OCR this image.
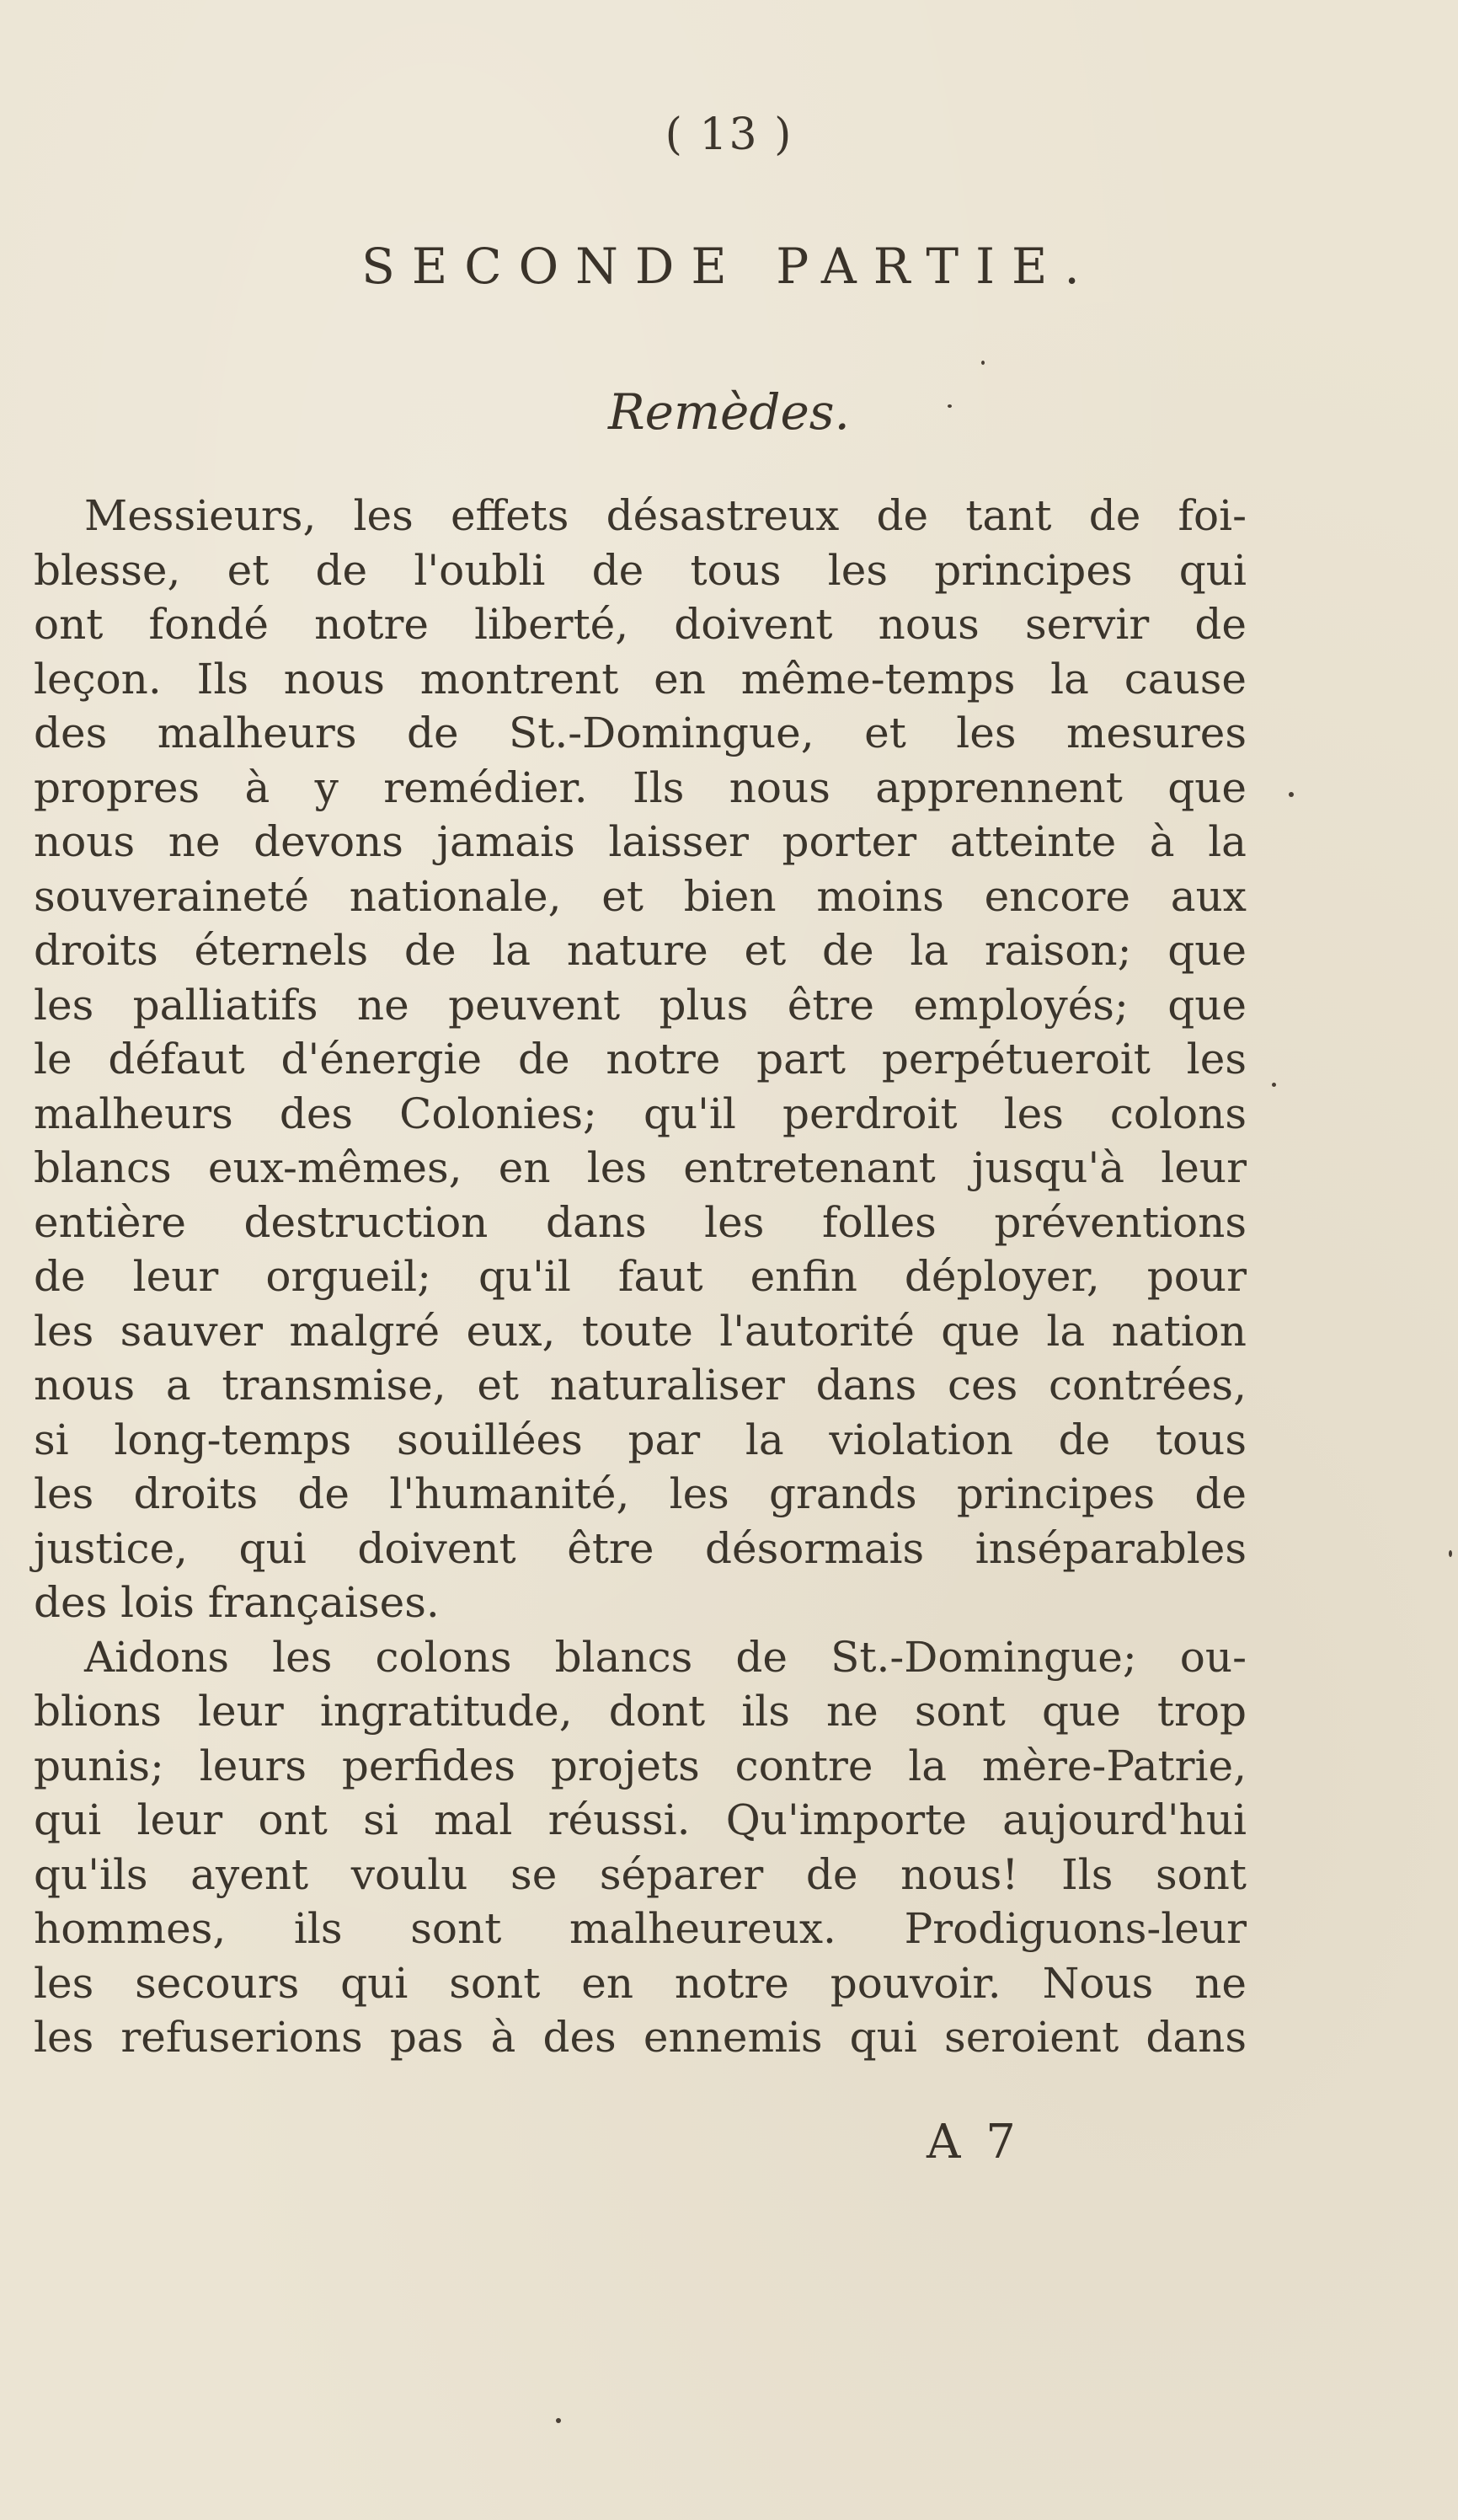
( 13 )
SECONDE PARTIE.
Remèdes.
Messieurs, les effets désastreux de tant de foi-
blesse, et de l'oubli de tous les principes qui
ont fondé notre liberté, doivent nous servir de
leçon. Ils nous montrent en même-temps la cause
des malheurs de St.-Domingue, et les mesures
propres à y remédier. Ils nous apprennent que
nous ne devons jamais laisser porter atteinte à la
souveraineté nationale, et bien moins encore aux
droits éternels de la nature et de la raison; que
les palliatifs ne peuvent plus être employés; que
le défaut d'énergie de notre part perpétueroit les
malheurs des Colonies; qu'il perdroit les colons
blancs eux-mêmes, en les entretenant jusqu'à leur
entière destruction dans les folles préventions
de leur orgueil; qu'il faut enfin déployer, pour
les sauver malgré eux, toute l'autorité que la nation
nous a transmise, et naturaliser dans ces contrées,
si long-temps souillées par la violation de tous
les droits de l'humanité, les grands principes de
justice, qui doivent être désormais inséparables
des lois françaises.
Aidons les colons blancs de St.-Domingue; ou-
blions leur ingratitude, dont ils ne sont que trop
punis; leurs perfides projets contre la mère-Patrie,
qui leur ont si mal réussi. Qu'importe aujourd'hui
qu'ils ayent voulu se séparer de nous! Ils sont
hommes, ils sont malheureux. Prodiguons-leur
les secours qui sont en notre pouvoir. Nous ne
les refuserions pas à des ennemis qui seroient dans
A 7
